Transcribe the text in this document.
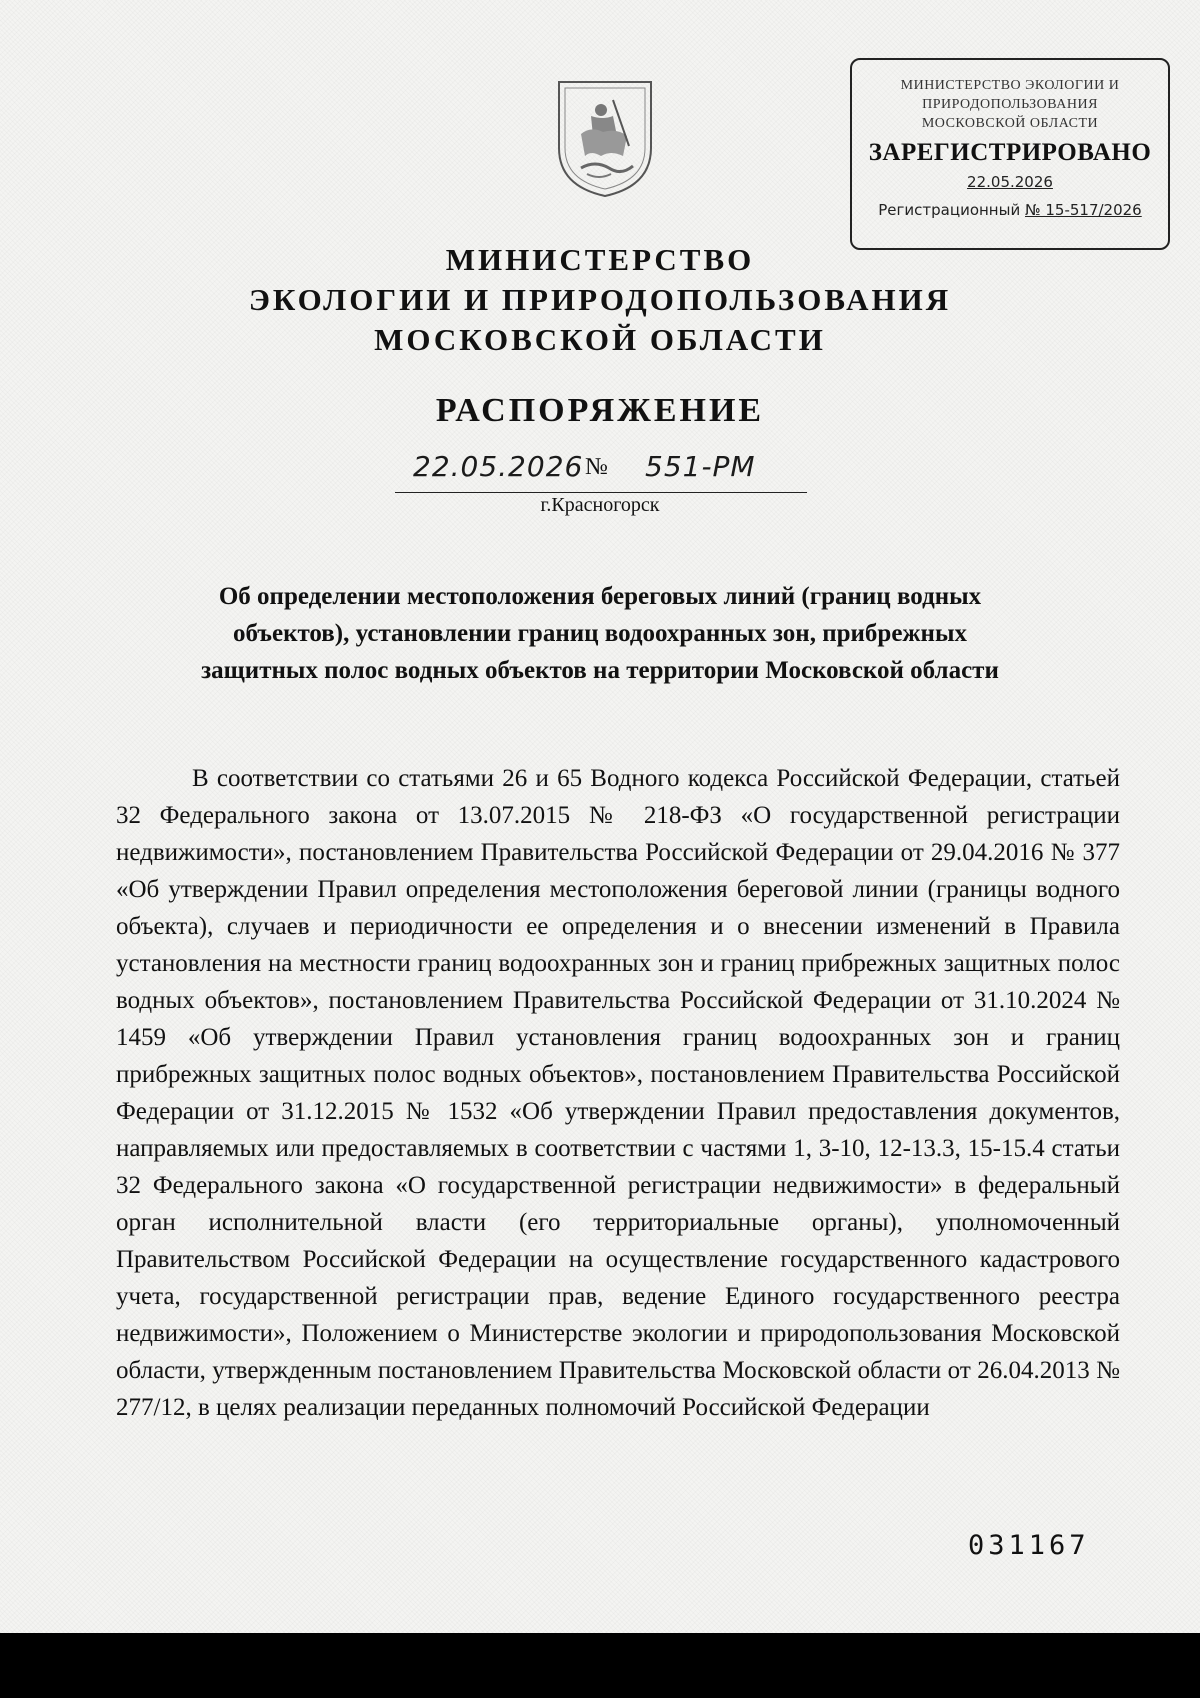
МИНИСТЕРСТВО ЭКОЛОГИИ И
ПРИРОДОПОЛЬЗОВАНИЯ
МОСКОВСКОЙ ОБЛАСТИ
ЗАРЕГИСТРИРОВАНО
22.05.2026
Регистрационный № 15-517/2026
МИНИСТЕРСТВО
ЭКОЛОГИИ И ПРИРОДОПОЛЬЗОВАНИЯ
МОСКОВСКОЙ ОБЛАСТИ
РАСПОРЯЖЕНИЕ
22.05.2026 № 551-РМ
г.Красногорск
Об определении местоположения береговых линий (границ водных
объектов), установлении границ водоохранных зон, прибрежных
защитных полос водных объектов на территории Московской области
В соответствии со статьями 26 и 65 Водного кодекса Российской Федерации, статьей 32 Федерального закона от 13.07.2015 № 218-ФЗ «О государственной регистрации недвижимости», постановлением Правительства Российской Федерации от 29.04.2016 № 377 «Об утверждении Правил определения местоположения береговой линии (границы водного объекта), случаев и периодичности ее определения и о внесении изменений в Правила установления на местности границ водоохранных зон и границ прибрежных защитных полос водных объектов», постановлением Правительства Российской Федерации от 31.10.2024 № 1459 «Об утверждении Правил установления границ водоохранных зон и границ прибрежных защитных полос водных объектов», постановлением Правительства Российской Федерации от 31.12.2015 № 1532 «Об утверждении Правил предоставления документов, направляемых или предоставляемых в соответствии с частями 1, 3-10, 12-13.3, 15-15.4 статьи 32 Федерального закона «О государственной регистрации недвижимости» в федеральный орган исполнительной власти (его территориальные органы), уполномоченный Правительством Российской Федерации на осуществление государственного кадастрового учета, государственной регистрации прав, ведение Единого государственного реестра недвижимости», Положением о Министерстве экологии и природопользования Московской области, утвержденным постановлением Правительства Московской области от 26.04.2013 № 277/12, в целях реализации переданных полномочий Российской Федерации
031167
